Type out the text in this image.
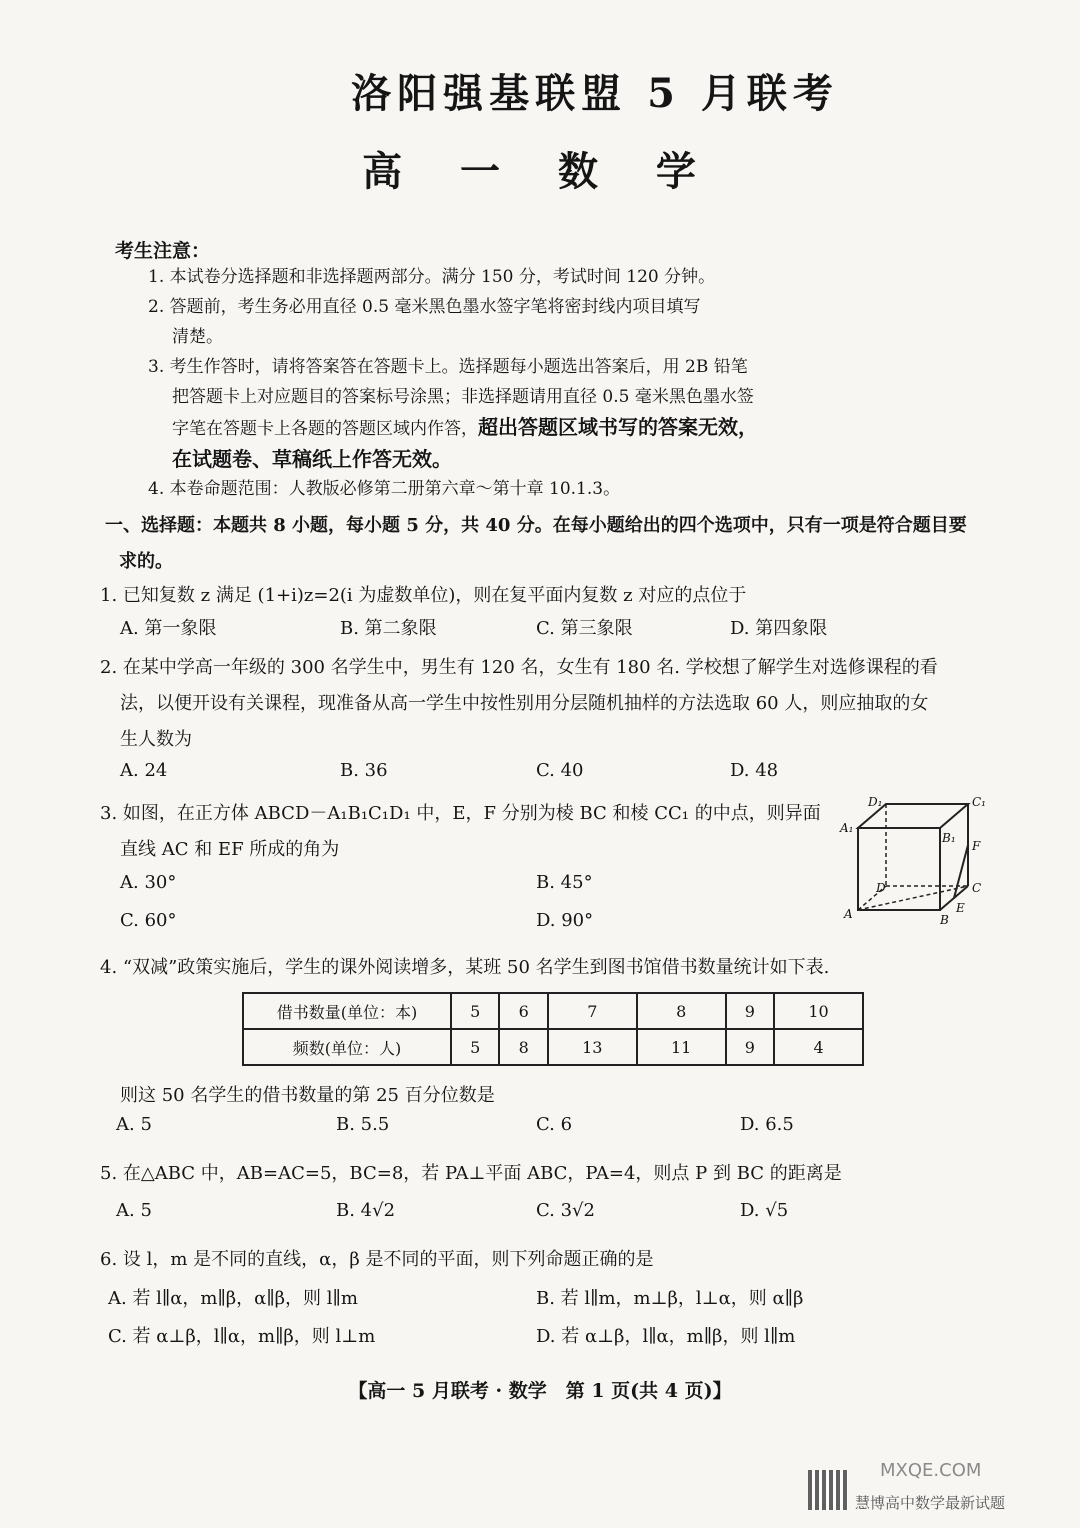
洛阳强基联盟 5 月联考
高 一 数 学
考生注意：
1. 本试卷分选择题和非选择题两部分。满分 150 分，考试时间 120 分钟。
2. 答题前，考生务必用直径 0.5 毫米黑色墨水签字笔将密封线内项目填写
清楚。
3. 考生作答时，请将答案答在答题卡上。选择题每小题选出答案后，用 2B 铅笔
把答题卡上对应题目的答案标号涂黑；非选择题请用直径 0.5 毫米黑色墨水签
字笔在答题卡上各题的答题区域内作答，超出答题区域书写的答案无效，
在试题卷、草稿纸上作答无效。
4. 本卷命题范围：人教版必修第二册第六章～第十章 10.1.3。
一、选择题：本题共 8 小题，每小题 5 分，共 40 分。在每小题给出的四个选项中，只有一项是符合题目要
求的。
1. 已知复数 z 满足 (1+i)z=2(i 为虚数单位)，则在复平面内复数 z 对应的点位于
A. 第一象限	B. 第二象限	C. 第三象限	D. 第四象限
2. 在某中学高一年级的 300 名学生中，男生有 120 名，女生有 180 名. 学校想了解学生对选修课程的看
法，以便开设有关课程，现准备从高一学生中按性别用分层随机抽样的方法选取 60 人，则应抽取的女
生人数为
A. 24	B. 36	C. 40	D. 48
3. 如图，在正方体 ABCD－A₁B₁C₁D₁ 中，E，F 分别为棱 BC 和棱 CC₁ 的中点，则异面
直线 AC 和 EF 所成的角为
A. 30°	B. 45°
C. 60°	D. 90°
D₁	C₁
A₁
B₁
F
D	C
A	B
E
4. “双减”政策实施后，学生的课外阅读增多，某班 50 名学生到图书馆借书数量统计如下表.
借书数量(单位：本)	5	6	7	8	9	10
频数(单位：人)	5	8	13	11	9	4
则这 50 名学生的借书数量的第 25 百分位数是
A. 5	B. 5.5	C. 6	D. 6.5
5. 在△ABC 中，AB=AC=5，BC=8，若 PA⊥平面 ABC，PA=4，则点 P 到 BC 的距离是
A. 5	B. 4√2	C. 3√2	D. √5
6. 设 l，m 是不同的直线，α，β 是不同的平面，则下列命题正确的是
A. 若 l∥α，m∥β，α∥β，则 l∥m	B. 若 l∥m，m⊥β，l⊥α，则 α∥β
C. 若 α⊥β，l∥α，m∥β，则 l⊥m	D. 若 α⊥β，l∥α，m∥β，则 l∥m
【高一 5 月联考 · 数学　第 1 页(共 4 页)】
慧博高中数学最新试题
MXQE.COM
